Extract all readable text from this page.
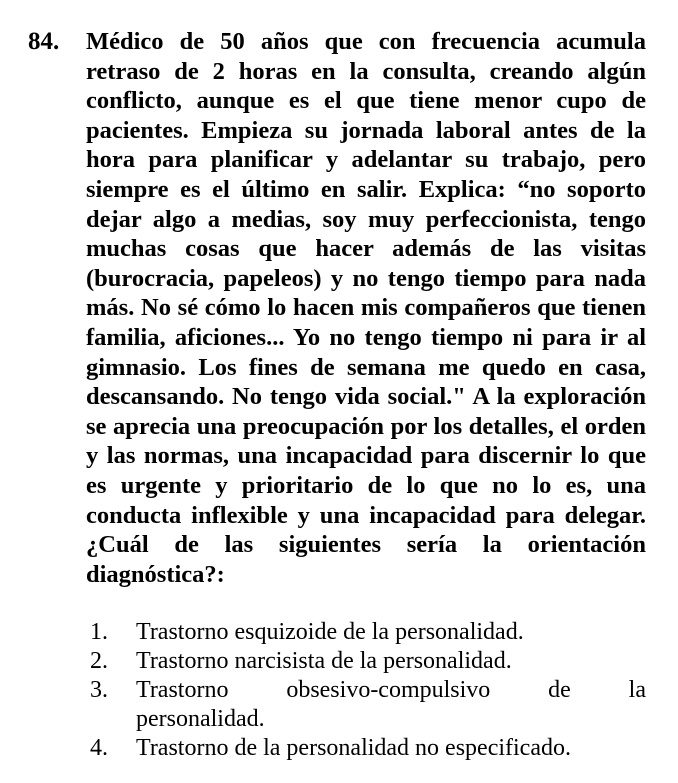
84. Médico de 50 años que con frecuencia acumula retraso de 2 horas en la consulta, creando algún conflicto, aunque es el que tiene menor cupo de pacientes. Empieza su jornada laboral antes de la hora para planificar y adelantar su trabajo, pero siempre es el último en salir. Explica: “no soporto dejar algo a medias, soy muy perfeccionista, tengo muchas cosas que hacer además de las visitas (burocracia, papeleos) y no tengo tiempo para nada más. No sé cómo lo hacen mis compañeros que tienen familia, aficiones... Yo no tengo tiempo ni para ir al gimnasio. Los fines de semana me quedo en casa, descansando. No tengo vida social." A la exploración se aprecia una preocupación por los detalles, el orden y las normas, una incapacidad para discernir lo que es urgente y prioritario de lo que no lo es, una conducta inflexible y una incapacidad para delegar. ¿Cuál de las siguientes sería la orientación diagnóstica?:
1. Trastorno esquizoide de la personalidad.
2. Trastorno narcisista de la personalidad.
3. Trastorno obsesivo-compulsivo de la
personalidad.
4. Trastorno de la personalidad no especificado.
